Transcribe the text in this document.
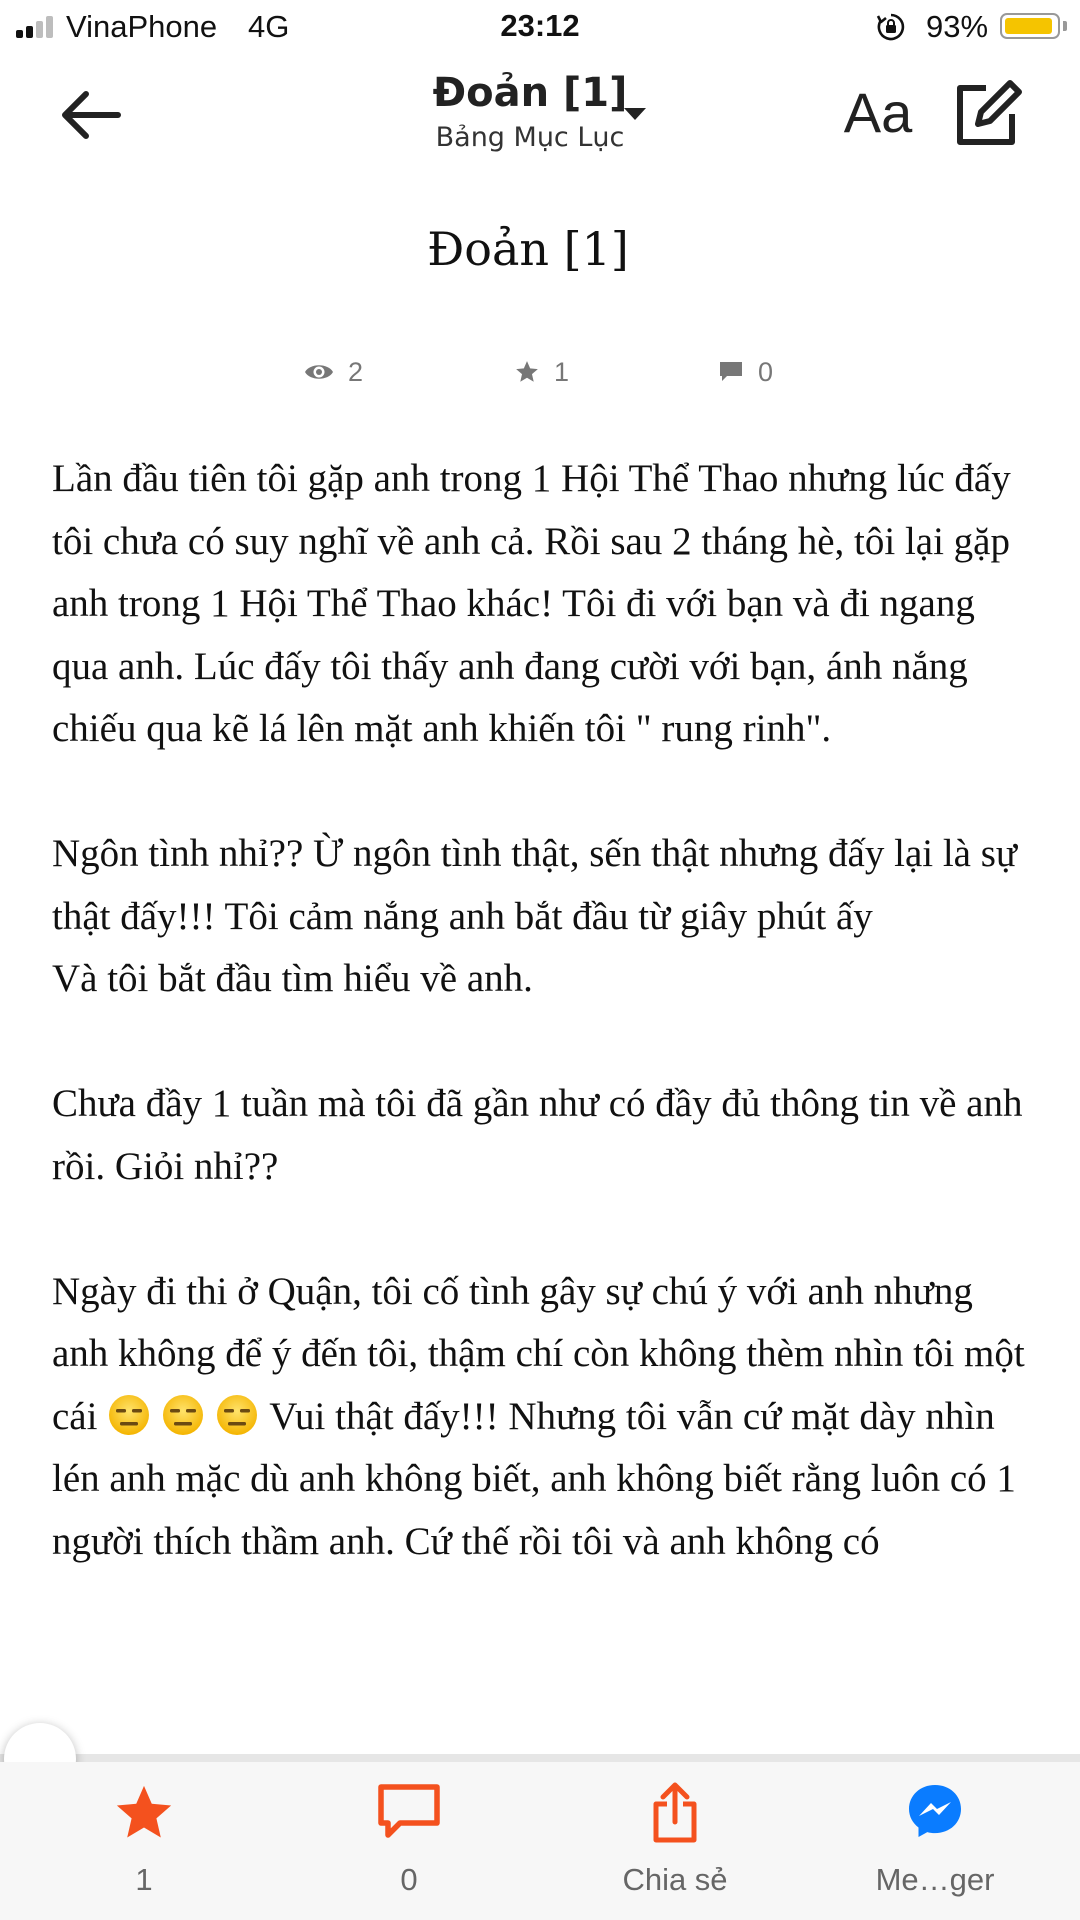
VinaPhone 4G	23:12	93%
Đoản [1]
Bảng Mục Lục	Aa
Đoản [1]
2	1	0

Lần đầu tiên tôi gặp anh trong 1 Hội Thể Thao nhưng lúc đấy tôi chưa có suy nghĩ về anh cả. Rồi sau 2 tháng hè, tôi lại gặp anh trong 1 Hội Thể Thao khác! Tôi đi với bạn và đi ngang qua anh. Lúc đấy tôi thấy anh đang cười với bạn, ánh nắng chiếu qua kẽ lá lên mặt anh khiến tôi " rung rinh".

Ngôn tình nhỉ?? Ừ ngôn tình thật, sến thật nhưng đấy lại là sự thật đấy!!! Tôi cảm nắng anh bắt đầu từ giây phút ấy
Và tôi bắt đầu tìm hiểu về anh.

Chưa đầy 1 tuần mà tôi đã gần như có đầy đủ thông tin về anh rồi. Giỏi nhỉ??

Ngày đi thi ở Quận, tôi cố tình gây sự chú ý với anh nhưng anh không để ý đến tôi, thậm chí còn không thèm nhìn tôi một cái	Vui thật đấy!!! Nhưng tôi vẫn cứ mặt dày nhìn lén anh mặc dù anh không biết, anh không biết rằng luôn có 1 người thích thầm anh. Cứ thế rồi tôi và anh không có

1	0	Chia sẻ	Me…ger
